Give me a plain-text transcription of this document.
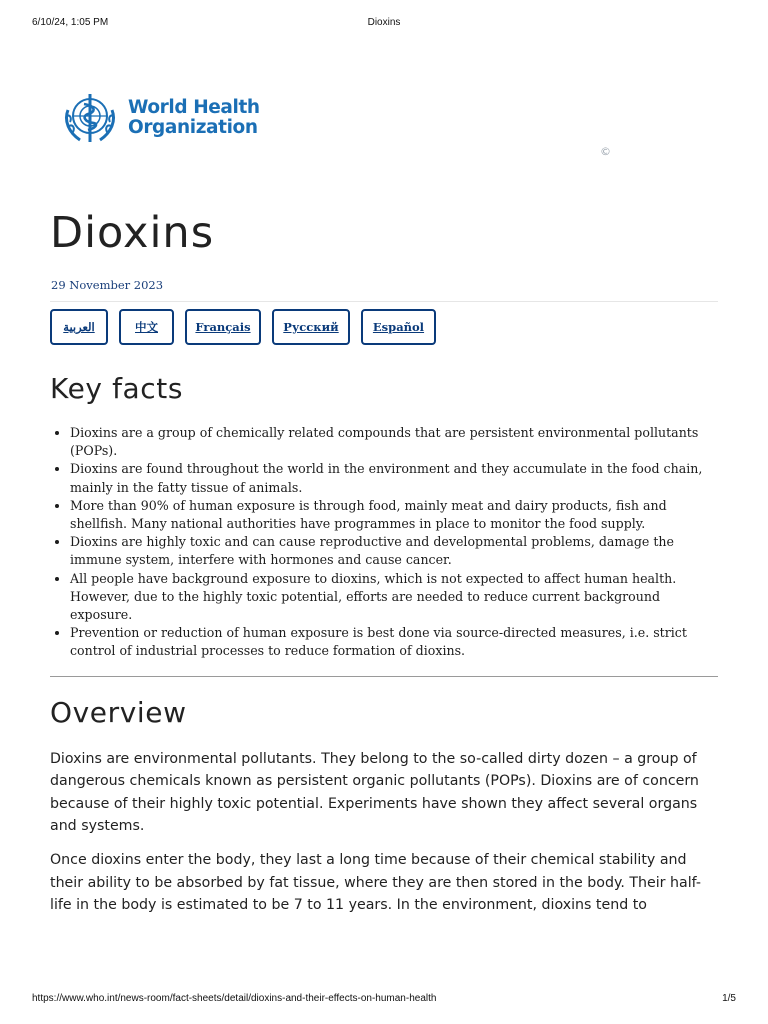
6/10/24, 1:05 PM	Dioxins
World Health
Organization
©
Dioxins
29 November 2023
العربية	中文	Français	Русский	Español
Key facts
• Dioxins are a group of chemically related compounds that are persistent environmental pollutants (POPs).
• Dioxins are found throughout the world in the environment and they accumulate in the food chain, mainly in the fatty tissue of animals.
• More than 90% of human exposure is through food, mainly meat and dairy products, fish and shellfish. Many national authorities have programmes in place to monitor the food supply.
• Dioxins are highly toxic and can cause reproductive and developmental problems, damage the immune system, interfere with hormones and cause cancer.
• All people have background exposure to dioxins, which is not expected to affect human health. However, due to the highly toxic potential, efforts are needed to reduce current background exposure.
• Prevention or reduction of human exposure is best done via source-directed measures, i.e. strict control of industrial processes to reduce formation of dioxins.
Overview

Dioxins are environmental pollutants. They belong to the so-called dirty dozen – a group of dangerous chemicals known as persistent organic pollutants (POPs). Dioxins are of concern because of their highly toxic potential. Experiments have shown they affect several organs and systems.

Once dioxins enter the body, they last a long time because of their chemical stability and their ability to be absorbed by fat tissue, where they are then stored in the body. Their half-life in the body is estimated to be 7 to 11 years. In the environment, dioxins tend to

https://www.who.int/news-room/fact-sheets/detail/dioxins-and-their-effects-on-human-health	1/5
